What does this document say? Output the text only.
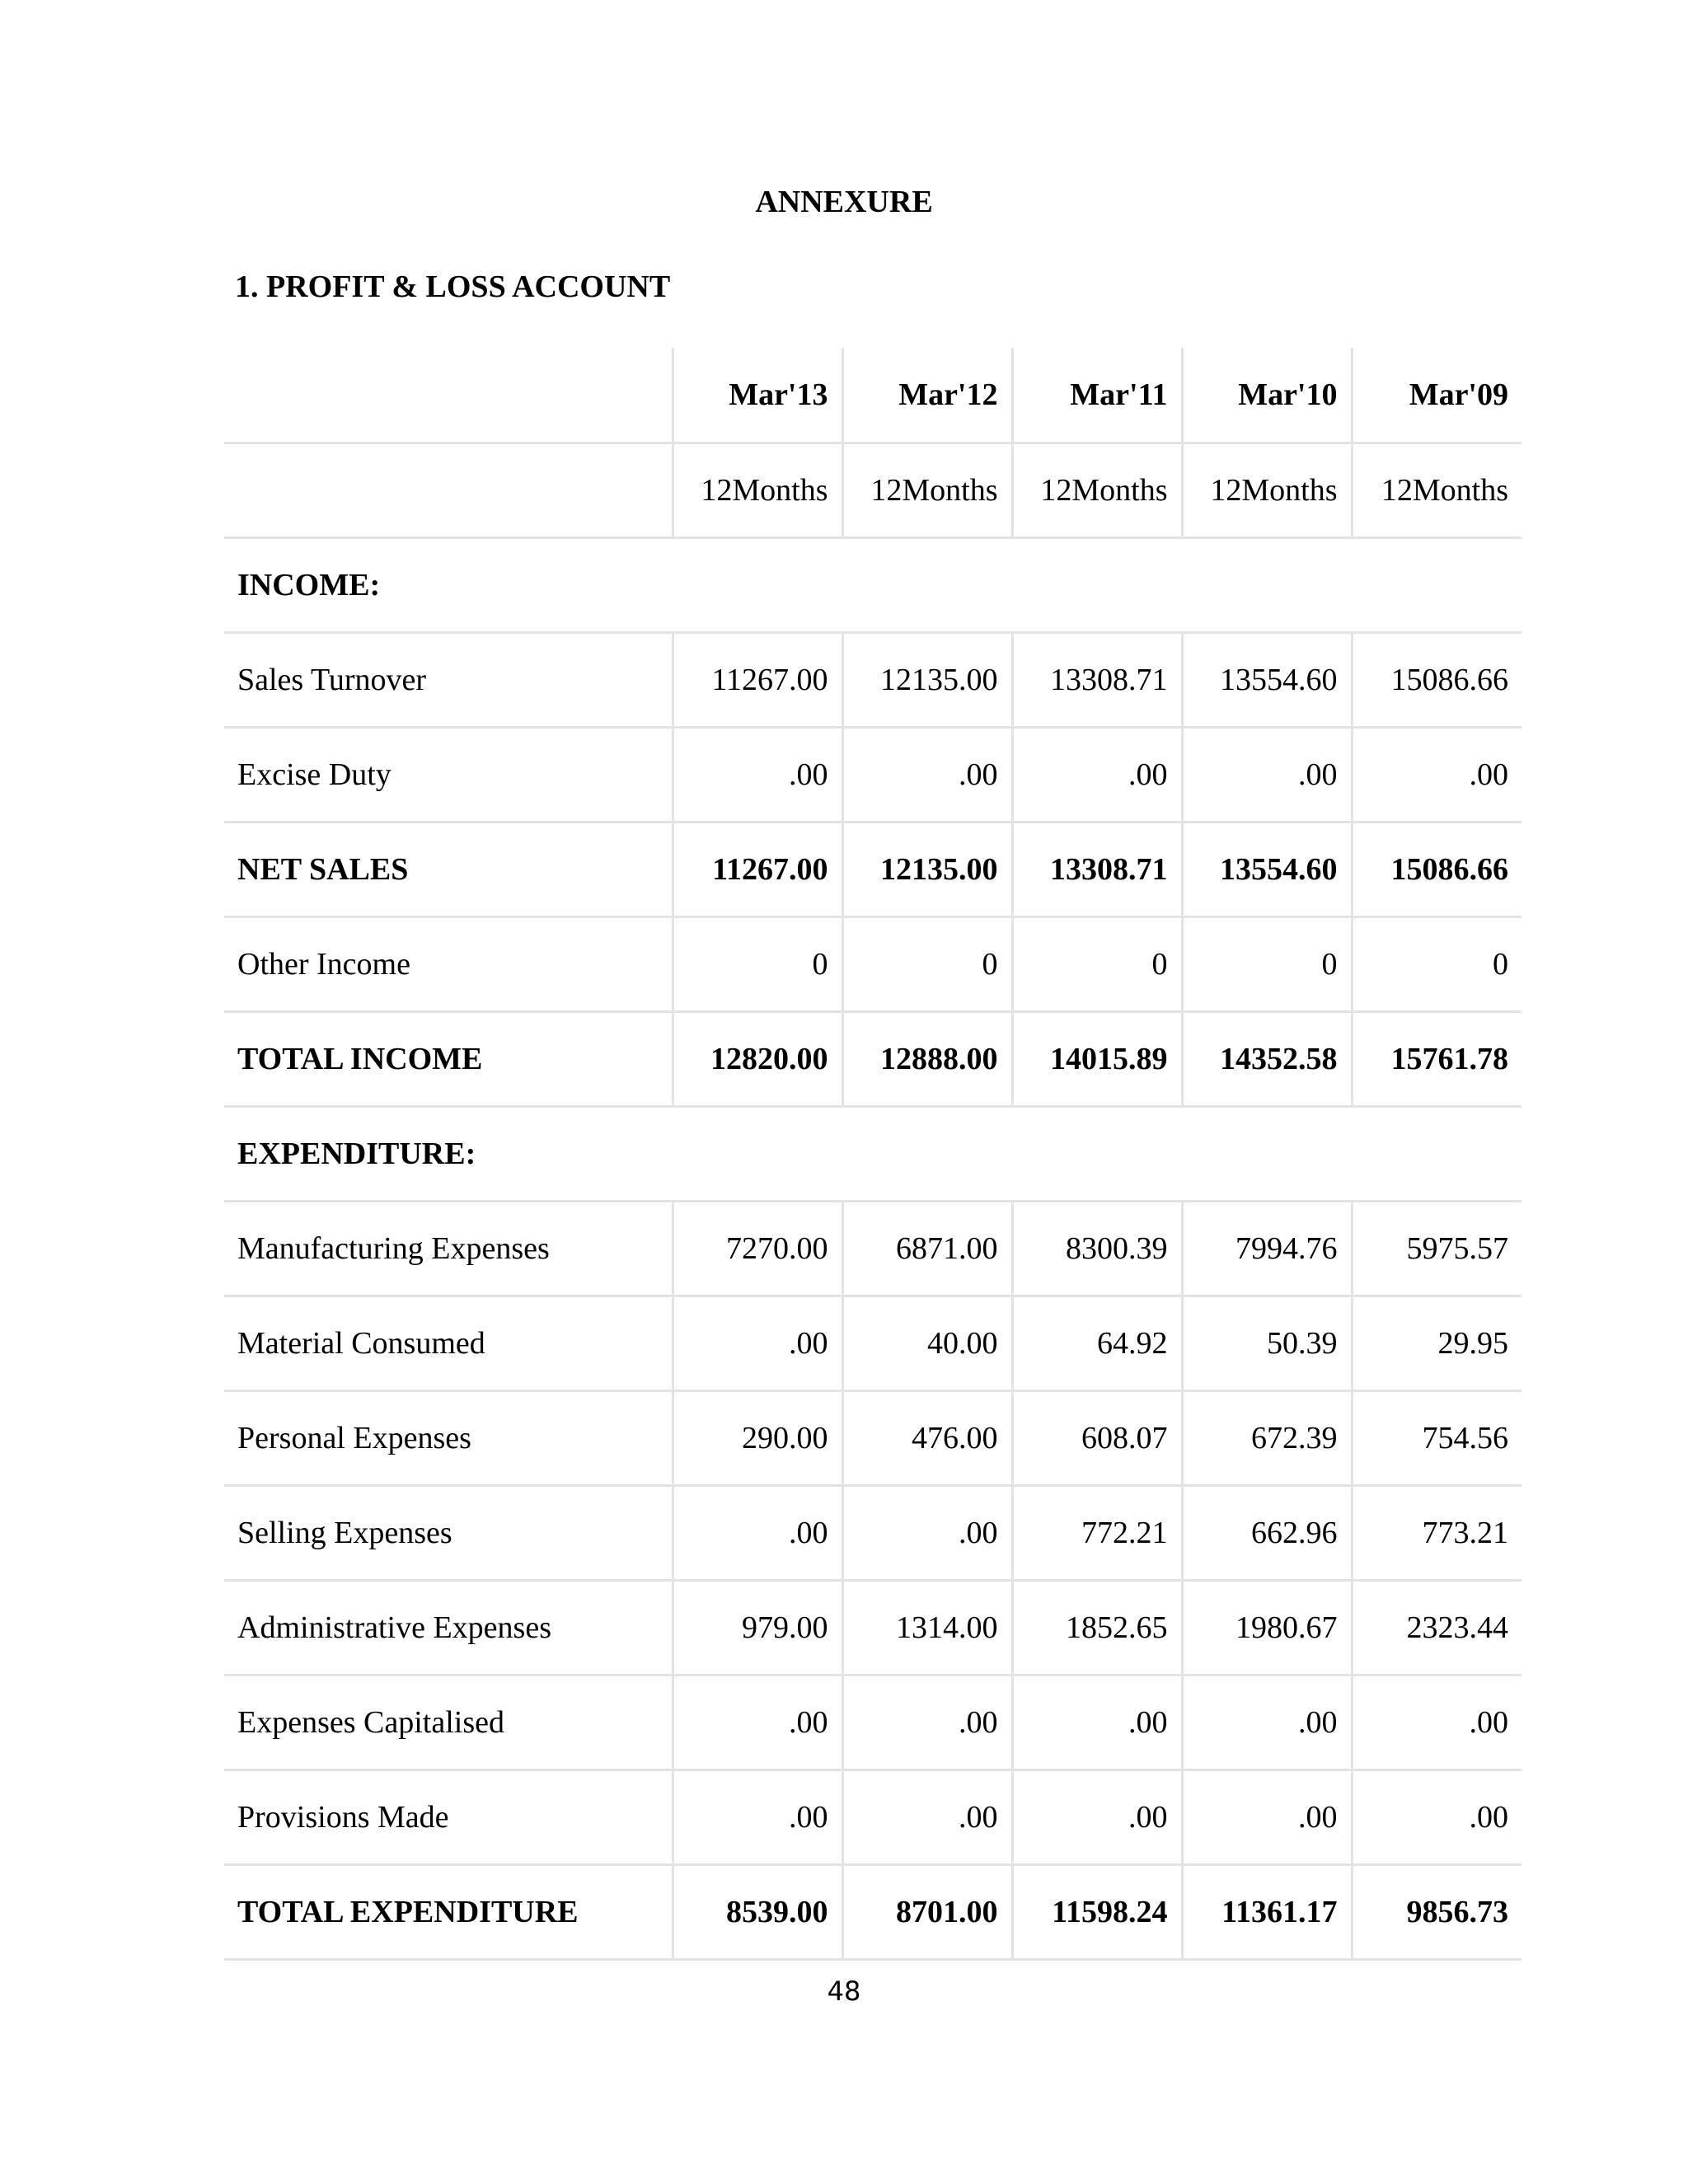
ANNEXURE
1. PROFIT & LOSS ACCOUNT
	Mar'13	Mar'12	Mar'11	Mar'10	Mar'09
	12Months	12Months	12Months	12Months	12Months
INCOME:					
Sales Turnover	11267.00	12135.00	13308.71	13554.60	15086.66
Excise Duty	.00	.00	.00	.00	.00
NET SALES	11267.00	12135.00	13308.71	13554.60	15086.66
Other Income	0	0	0	0	0
TOTAL INCOME	12820.00	12888.00	14015.89	14352.58	15761.78
EXPENDITURE:					
Manufacturing Expenses	7270.00	6871.00	8300.39	7994.76	5975.57
Material Consumed	.00	40.00	64.92	50.39	29.95
Personal Expenses	290.00	476.00	608.07	672.39	754.56
Selling Expenses	.00	.00	772.21	662.96	773.21
Administrative Expenses	979.00	1314.00	1852.65	1980.67	2323.44
Expenses Capitalised	.00	.00	.00	.00	.00
Provisions Made	.00	.00	.00	.00	.00
TOTAL EXPENDITURE	8539.00	8701.00	11598.24	11361.17	9856.73
48
